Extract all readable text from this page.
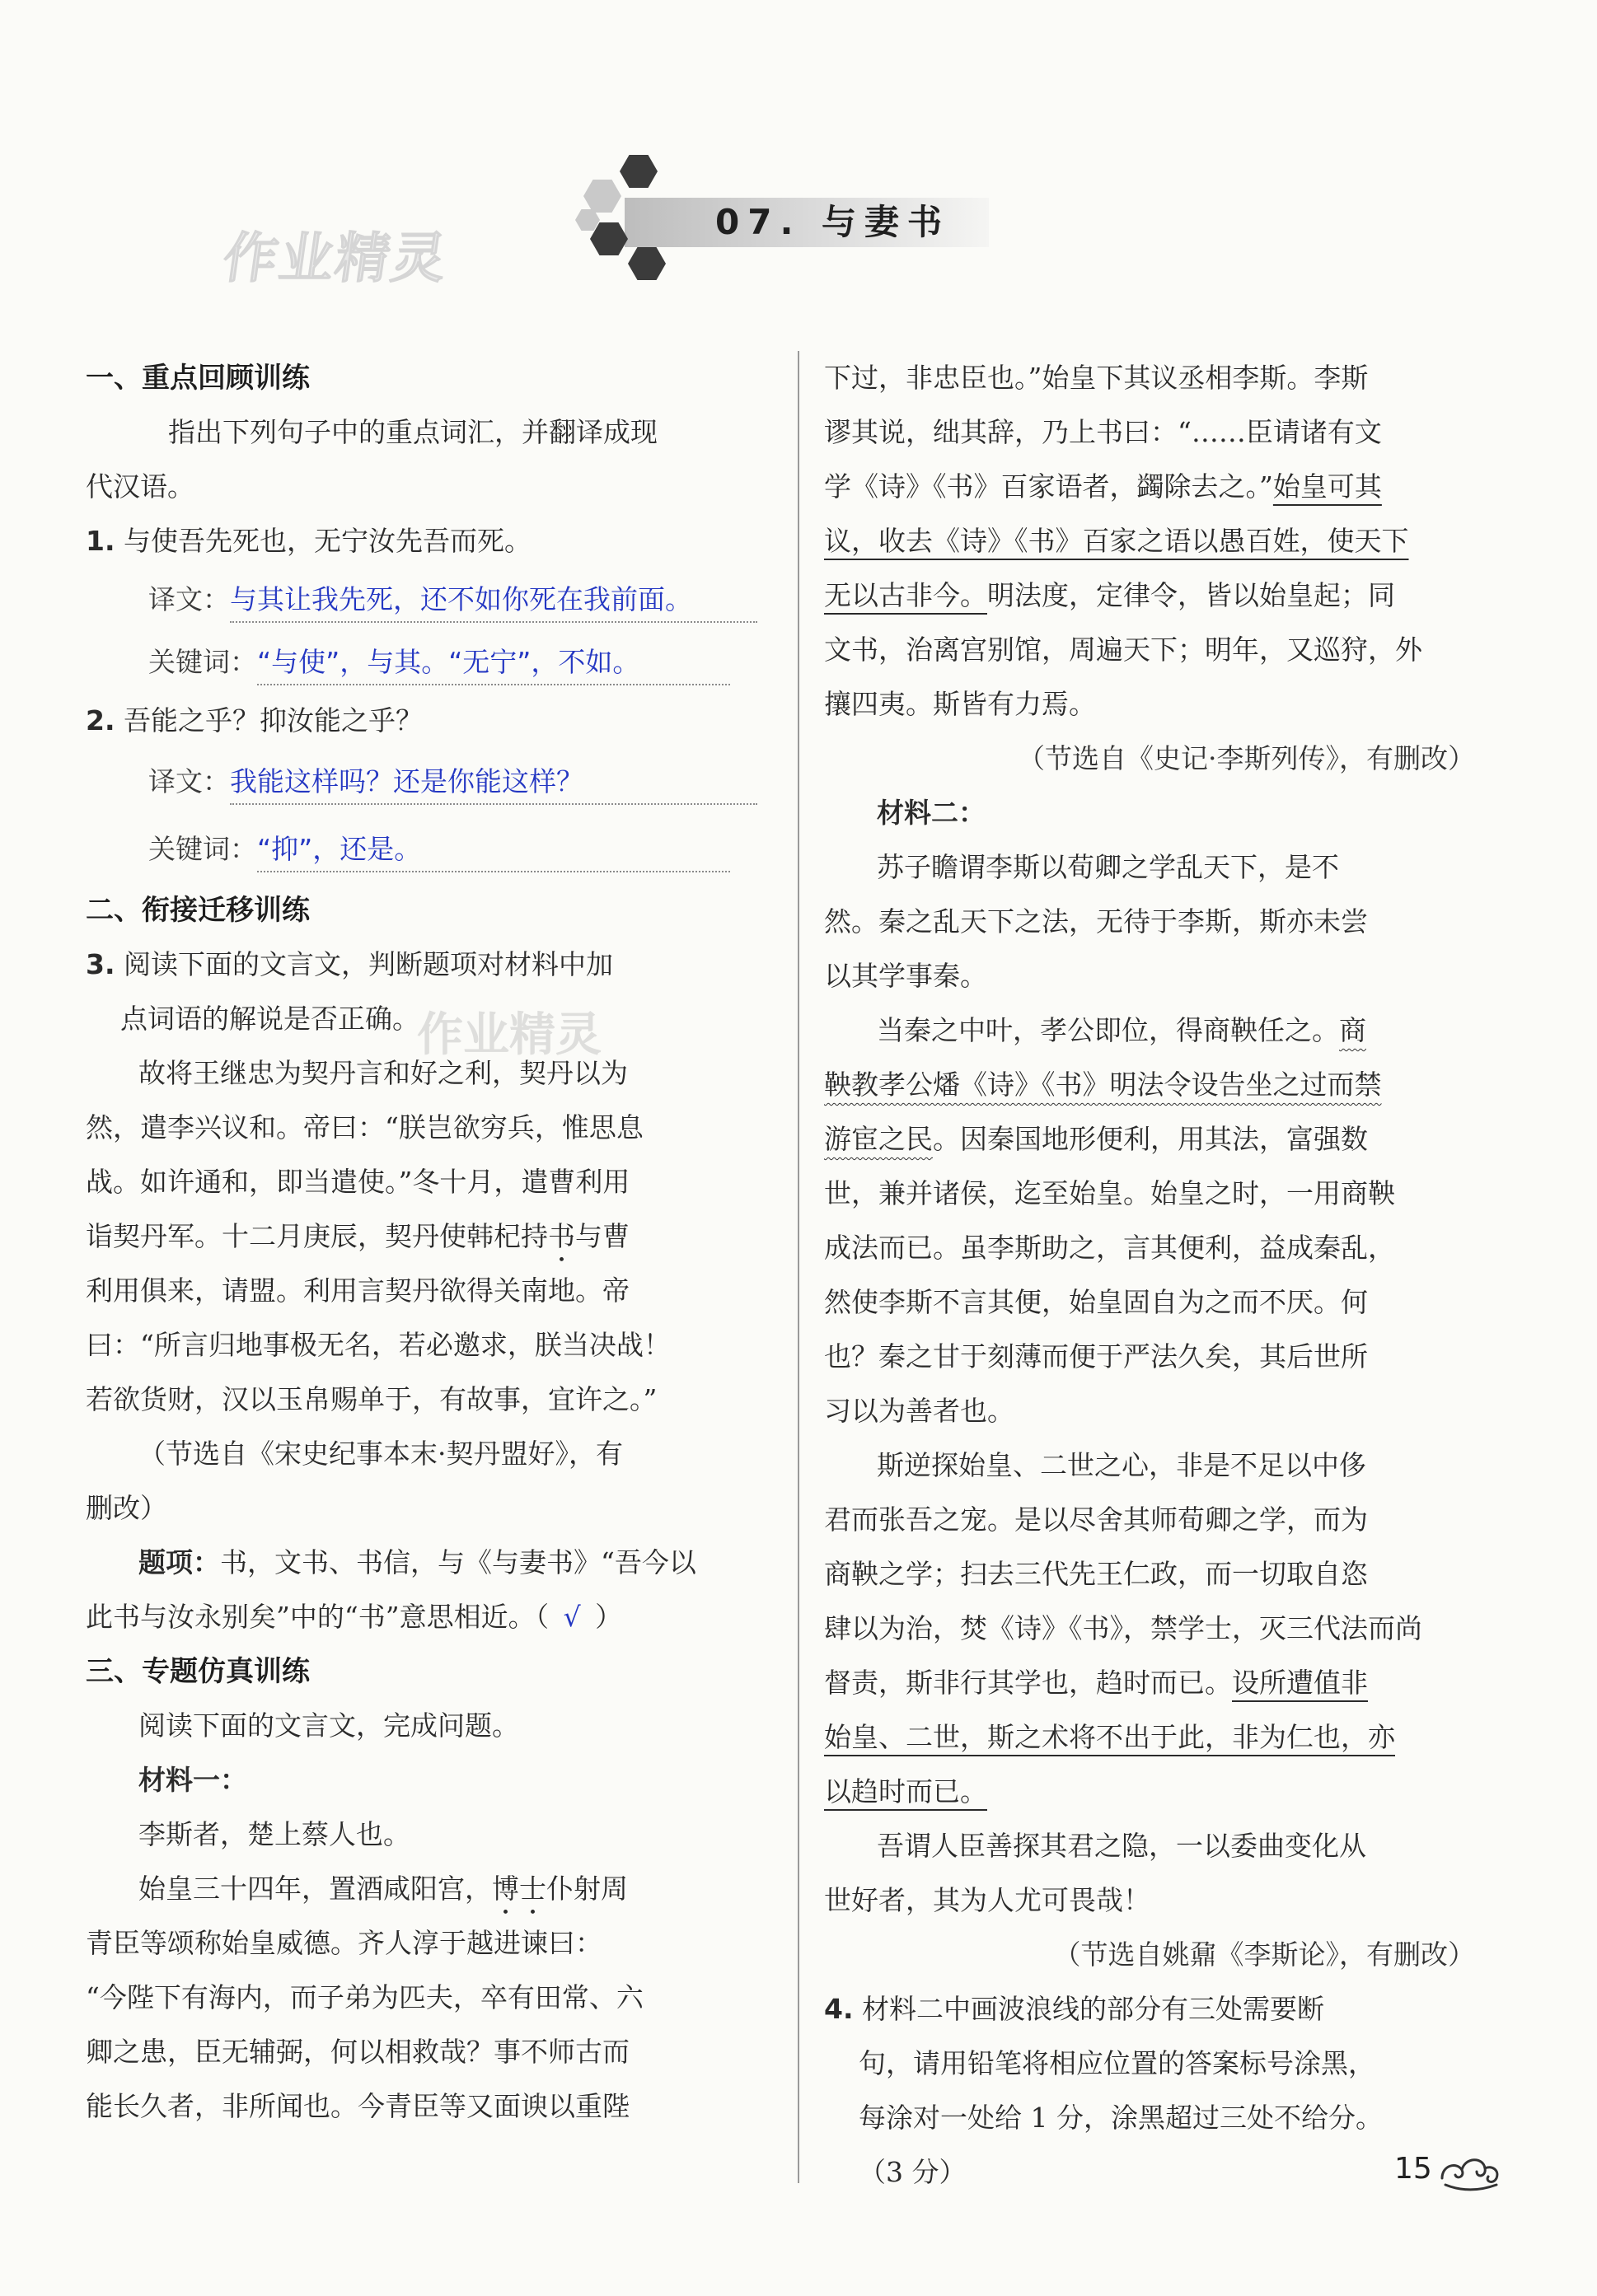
作业精灵
07. 与妻书
作业精灵
一、重点回顾训练
指出下列句子中的重点词汇，并翻译成现
代汉语。
1. 与使吾先死也，无宁汝先吾而死。
译文：与其让我先死，还不如你死在我前面。
关键词：“与使”，与其。“无宁”，不如。
2. 吾能之乎？抑汝能之乎？
译文：我能这样吗？还是你能这样？
关键词：“抑”，还是。
二、衔接迁移训练
3. 阅读下面的文言文，判断题项对材料中加
点词语的解说是否正确。
故将王继忠为契丹言和好之利，契丹以为
然，遣李兴议和。帝曰：“朕岂欲穷兵，惟思息
战。如许通和，即当遣使。”冬十月，遣曹利用
诣契丹军。十二月庚辰，契丹使韩杞持书与曹
利用俱来，请盟。利用言契丹欲得关南地。帝
曰：“所言归地事极无名，若必邀求，朕当决战！
若欲货财，汉以玉帛赐单于，有故事，宜许之。”
（节选自《宋史纪事本末·契丹盟好》，有
删改）
题项：书，文书、书信，与《与妻书》“吾今以
此书与汝永别矣”中的“书”意思相近。（ √ ）
三、专题仿真训练
阅读下面的文言文，完成问题。
材料一：
李斯者，楚上蔡人也。
始皇三十四年，置酒咸阳宫，博士仆射周
青臣等颂称始皇威德。齐人淳于越进谏曰：
“今陛下有海内，而子弟为匹夫，卒有田常、六
卿之患，臣无辅弼，何以相救哉？事不师古而
能长久者，非所闻也。今青臣等又面谀以重陛
下过，非忠臣也。”始皇下其议丞相李斯。李斯
谬其说，绌其辞，乃上书曰：“……臣请诸有文
学《诗》《书》百家语者，蠲除去之。”始皇可其
议，收去《诗》《书》百家之语以愚百姓，使天下
无以古非今。明法度，定律令，皆以始皇起；同
文书，治离宫别馆，周遍天下；明年，又巡狩，外
攘四夷。斯皆有力焉。
（节选自《史记·李斯列传》，有删改）
材料二：
苏子瞻谓李斯以荀卿之学乱天下，是不
然。秦之乱天下之法，无待于李斯，斯亦未尝
以其学事秦。
当秦之中叶，孝公即位，得商鞅任之。商
鞅教孝公燔《诗》《书》明法令设告坐之过而禁
游宦之民。因秦国地形便利，用其法，富强数
世，兼并诸侯，迄至始皇。始皇之时，一用商鞅
成法而已。虽李斯助之，言其便利，益成秦乱，
然使李斯不言其便，始皇固自为之而不厌。何
也？秦之甘于刻薄而便于严法久矣，其后世所
习以为善者也。
斯逆探始皇、二世之心，非是不足以中侈
君而张吾之宠。是以尽舍其师荀卿之学，而为
商鞅之学；扫去三代先王仁政，而一切取自恣
肆以为治，焚《诗》《书》，禁学士，灭三代法而尚
督责，斯非行其学也，趋时而已。设所遭值非
始皇、二世，斯之术将不出于此，非为仁也，亦
以趋时而已。
吾谓人臣善探其君之隐，一以委曲变化从
世好者，其为人尤可畏哉！
（节选自姚鼐《李斯论》，有删改）
4. 材料二中画波浪线的部分有三处需要断
句，请用铅笔将相应位置的答案标号涂黑，
每涂对一处给 1 分，涂黑超过三处不给分。
（3 分）	15
